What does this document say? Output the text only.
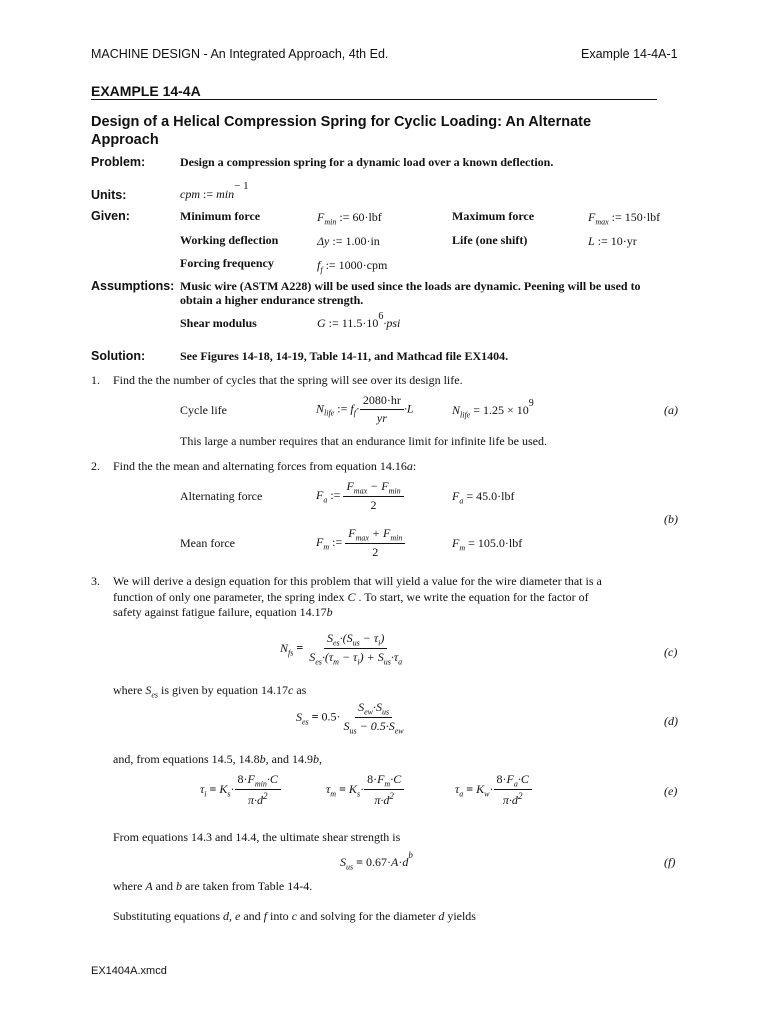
MACHINE DESIGN - An Integrated Approach, 4th Ed.	Example 14-4A-1
EXAMPLE 14-4A
Design of a Helical Compression Spring for Cyclic Loading: An Alternate Approach
Problem:	Design a compression spring for a dynamic load over a known deflection.
Units:	cpm := min− 1
Given:	Minimum force	$F_{min}$ := 60·lbf	Maximum force	$F_{max}$ := 150·lbf
Working deflection	Δy := 1.00·in	Life (one shift)	L := 10·yr
Forcing frequency	$f_f$ := 1000·cpm
Assumptions: Music wire (ASTM A228) will be used since the loads are dynamic. Peening will be used to
obtain a higher endurance strength.
Shear modulus	G := $11.5\cdot 10^6\cdot psi$
Solution:	See Figures 14-18, 14-19, Table 14-11, and Mathcad file EX1404.
1. Find the the number of cycles that the spring will see over its design life.
Cycle life	$N_{life}$ := $f_f\cdot \frac{2080\cdot hr}{yr} \cdot L$	$N_{life} = 1.25 \times 10^9$	(a)
This large a number requires that an endurance limit for infinite life be used.
2. Find the the mean and alternating forces from equation 14.16a:
Alternating force	$F_a$ := $\frac{F_{max} - F_{min}}{2}$	$F_a = 45.0\cdot lbf$
(b)
Mean force	$F_m$ := $\frac{F_{max} + F_{min}}{2}$	$F_m = 105.0\cdot lbf$
3. We will derive a design equation for this problem that will yield a value for the wire diameter that is a
function of only one parameter, the spring index C . To start, we write the equation for the factor of
safety against fatigue failure, equation 14.17b
$N_{fs} = \frac{S_{es}\cdot(S_{us} - \tau_i)}{S_{es}\cdot(\tau_m - \tau_i) + S_{us}\cdot\tau_a}$	(c)
where $S_{es}$ is given by equation 14.17c as
$S_{es} = 0.5\cdot \frac{S_{ew}\cdot S_{us}}{S_{us} - 0.5\cdot S_{ew}}$	(d)
and, from equations 14.5, 14.8b, and 14.9b,
$\tau_i = K_s\cdot \frac{8\cdot F_{min}\cdot C}{\pi\cdot d^2}$	$\tau_m = K_s\cdot \frac{8\cdot F_m\cdot C}{\pi\cdot d^2}$	$\tau_a = K_w\cdot \frac{8\cdot F_a\cdot C}{\pi\cdot d^2}$	(e)
From equations 14.3 and 14.4, the ultimate shear strength is
$S_{us} = 0.67\cdot A\cdot d^b$	(f)
where A and b are taken from Table 14-4.
Substituting equations d, e and f into c and solving for the diameter d yields
EX1404A.xmcd
